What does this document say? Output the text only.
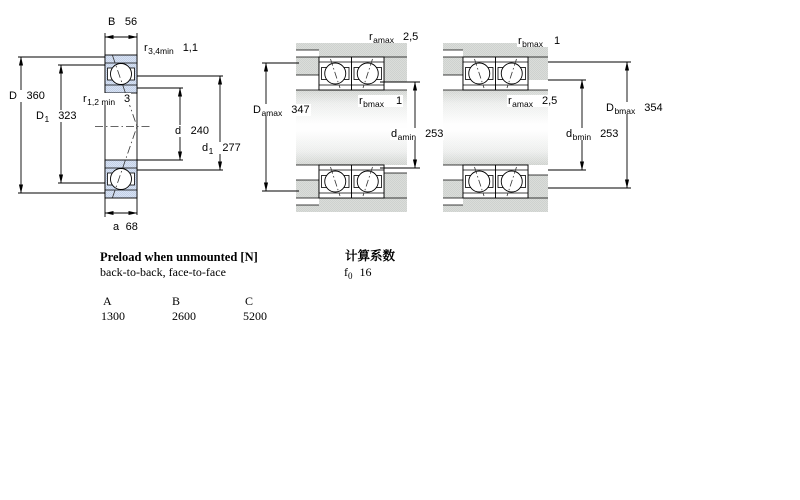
B 56
$r_{3,4min}$ 1,1
D 360
$D_1$ 323
$r_{1,2 min}$ 3
d 240
$d_1$ 277
a 68
$r_{amax}$ 2,5
$D_{amax}$ 347
$r_{bmax}$ 1
$d_{amin}$ 253
$r_{bmax}$ 1
$r_{amax}$ 2,5
$D_{bmax}$ 354
$d_{bmin}$ 253
Preload when unmounted [N]
back-to-back, face-to-face
计算系数
$f_0$ 16
A	B	C
1300	2600	5200
